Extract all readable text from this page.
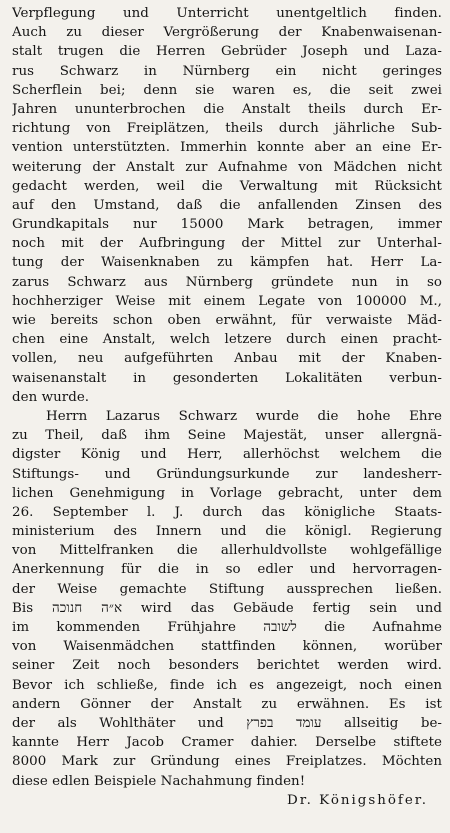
Verpflegung und Unterricht unentgeltlich finden.
Auch zu dieser Vergrößerung der Knabenwaisenan-
stalt trugen die Herren Gebrüder Joseph und Laza-
rus Schwarz in Nürnberg ein nicht geringes
Scherflein bei; denn sie waren es, die seit zwei
Jahren ununterbrochen die Anstalt theils durch Er-
richtung von Freiplätzen, theils durch jährliche Sub-
vention unterstützten. Immerhin konnte aber an eine Er-
weiterung der Anstalt zur Aufnahme von Mädchen nicht
gedacht werden, weil die Verwaltung mit Rücksicht
auf den Umstand, daß die anfallenden Zinsen des
Grundkapitals nur 15000 Mark betragen, immer
noch mit der Aufbringung der Mittel zur Unterhal-
tung der Waisenknaben zu kämpfen hat. Herr La-
zarus Schwarz aus Nürnberg gründete nun in so
hochherziger Weise mit einem Legate von 100000 M.,
wie bereits schon oben erwähnt, für verwaiste Mäd-
chen eine Anstalt, welch letzere durch einen pracht-
vollen, neu aufgeführten Anbau mit der Knaben-
waisenanstalt in gesonderten Lokalitäten verbun-
den wurde.
Herrn Lazarus Schwarz wurde die hohe Ehre
zu Theil, daß ihm Seine Majestät, unser allergnä-
digster König und Herr, allerhöchst welchem die
Stiftungs- und Gründungsurkunde zur landesherr-
lichen Genehmigung in Vorlage gebracht, unter dem
26. September l. J. durch das königliche Staats-
ministerium des Innern und die königl. Regierung
von Mittelfranken die allerhuldvollste wohlgefällige
Anerkennung für die in so edler und hervorragen-
der Weise gemachte Stiftung aussprechen ließen.
Bis א״ה חנוכה wird das Gebäude fertig sein und
im kommenden Frühjahre לשובה die Aufnahme
von Waisenmädchen stattfinden können, worüber
seiner Zeit noch besonders berichtet werden wird.
Bevor ich schließe, finde ich es angezeigt, noch einen
andern Gönner der Anstalt zu erwähnen. Es ist
der als Wohlthäter und עומד בפרץ allseitig be-
kannte Herr Jacob Cramer dahier. Derselbe stiftete
8000 Mark zur Gründung eines Freiplatzes. Möchten
diese edlen Beispiele Nachahmung finden!
Dr. Königshöfer.
